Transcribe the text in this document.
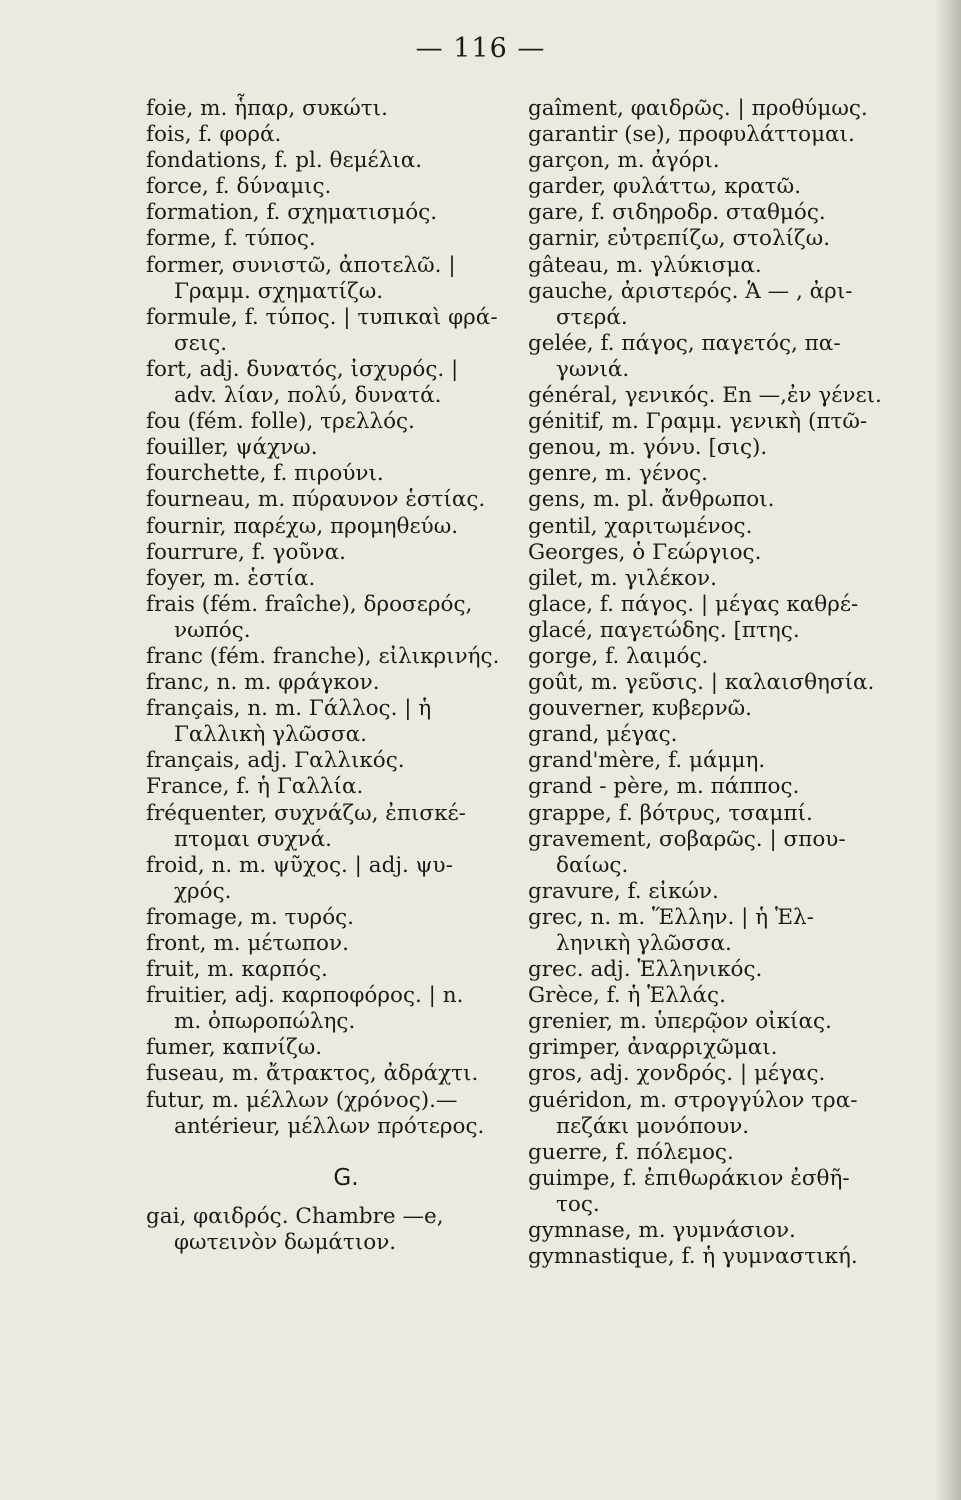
— 116 —
foie, m. ἧπαρ, συκώτι.
fois, f. φορά.
fondations, f. pl. θεμέλια.
force, f. δύναμις.
formation, f. σχηματισμός.
forme, f. τύπος.
former, συνιστῶ, ἀποτελῶ. |
Γραμμ. σχηματίζω.
formule, f. τύπος. | τυπικαὶ φρά-
σεις.
fort, adj. δυνατός, ἰσχυρός. |
adv. λίαν, πολύ, δυνατά.
fou (fém. folle), τρελλός.
fouiller, ψάχνω.
fourchette, f. πιρούνι.
fourneau, m. πύραυνον ἑστίας.
fournir, παρέχω, προμηθεύω.
fourrure, f. γοῦνα.
foyer, m. ἑστία.
frais (fém. fraîche), δροσερός,
νωπός.
franc (fém. franche), εἰλικρινής.
franc, n. m. φράγκον.
français, n. m. Γάλλος. | ἡ
Γαλλικὴ γλῶσσα.
français, adj. Γαλλικός.
France, f. ἡ Γαλλία.
fréquenter, συχνάζω, ἐπισκέ-
πτομαι συχνά.
froid, n. m. ψῦχος. | adj. ψυ-
χρός.
fromage, m. τυρός.
front, m. μέτωπον.
fruit, m. καρπός.
fruitier, adj. καρποφόρος. | n.
m. ὀπωροπώλης.
fumer, καπνίζω.
fuseau, m. ἄτρακτος, ἀδράχτι.
futur, m. μέλλων (χρόνος).—
antérieur, μέλλων πρότερος.
G.
gai, φαιδρός. Chambre —e,
φωτεινὸν δωμάτιον.
gaîment, φαιδρῶς. | προθύμως.
garantir (se), προφυλάττομαι.
garçon, m. ἀγόρι.
garder, φυλάττω, κρατῶ.
gare, f. σιδηροδρ. σταθμός.
garnir, εὐτρεπίζω, στολίζω.
gâteau, m. γλύκισμα.
gauche, ἀριστερός. Ἁ — , ἀρι-
στερά.
gelée, f. πάγος, παγετός, πα-
γωνιά.
général, γενικός. En —,ἐν γένει.
génitif, m. Γραμμ. γενικὴ (πτῶ-
genou, m. γόνυ. [σις).
genre, m. γένος.
gens, m. pl. ἄνθρωποι.
gentil, χαριτωμένος.
Georges, ὁ Γεώργιος.
gilet, m. γιλέκον.
glace, f. πάγος. | μέγας καθρέ-
glacé, παγετώδης. [πτης.
gorge, f. λαιμός.
goût, m. γεῦσις. | καλαισθησία.
gouverner, κυβερνῶ.
grand, μέγας.
grand'mère, f. μάμμη.
grand - père, m. πάππος.
grappe, f. βότρυς, τσαμπί.
gravement, σοβαρῶς. | σπου-
δαίως.
gravure, f. εἰκών.
grec, n. m. Ἕλλην. | ἡ Ἑλ-
ληνικὴ γλῶσσα.
grec. adj. Ἑλληνικός.
Grèce, f. ἡ Ἑλλάς.
grenier, m. ὑπερῷον οἰκίας.
grimper, ἀναρριχῶμαι.
gros, adj. χονδρός. | μέγας.
guéridon, m. στρογγύλον τρα-
πεζάκι μονόπουν.
guerre, f. πόλεμος.
guimpe, f. ἐπιθωράκιον ἐσθῆ-
τος.
gymnase, m. γυμνάσιον.
gymnastique, f. ἡ γυμναστική.
